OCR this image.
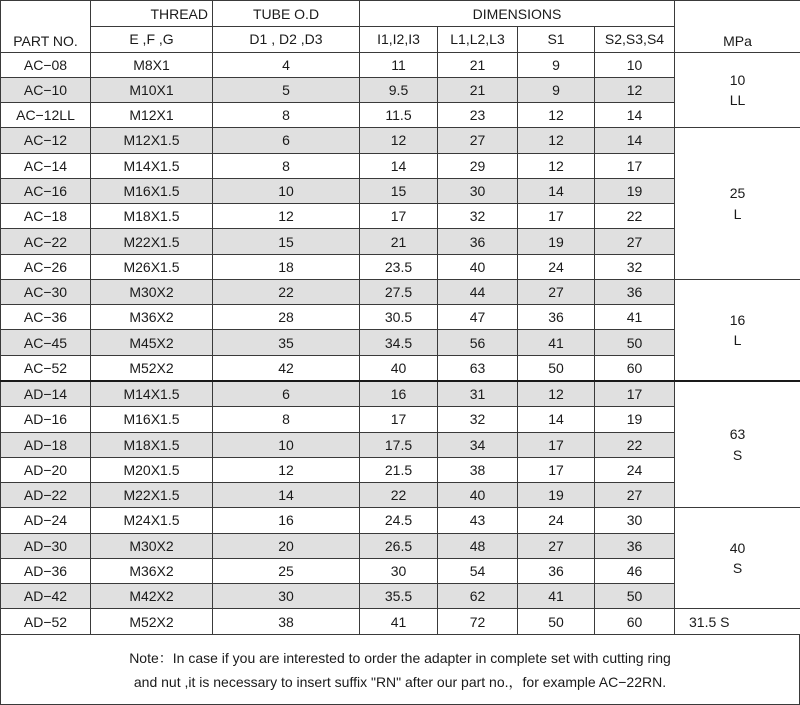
PART NO.	THREAD	TUBE O.D	DIMENSIONS				MPa
	E ,F ,G	D1 , D2 ,D3	I1,I2,I3	L1,L2,L3	S1	S2,S3,S4	
AC−08	M8X1	4	11	21	9	10	10
LL

AC−10	M10X1	5	9.5	21	9	12	
AC−12LL	M12X1	8	11.5	23	12	14	
AC−12	M12X1.5	6	12	27	12	14	25
L

AC−14	M14X1.5	8	14	29	12	17	
AC−16	M16X1.5	10	15	30	14	19	
AC−18	M18X1.5	12	17	32	17	22	
AC−22	M22X1.5	15	21	36	19	27	
AC−26	M26X1.5	18	23.5	40	24	32	
AC−30	M30X2	22	27.5	44	27	36	16
L

AC−36	M36X2	28	30.5	47	36	41	
AC−45	M45X2	35	34.5	56	41	50	
AC−52	M52X2	42	40	63	50	60	
AD−14	M14X1.5	6	16	31	12	17	63
S

AD−16	M16X1.5	8	17	32	14	19	
AD−18	M18X1.5	10	17.5	34	17	22	
AD−20	M20X1.5	12	21.5	38	17	24	
AD−22	M22X1.5	14	22	40	19	27	
AD−24	M24X1.5	16	24.5	43	24	30	40
S

AD−30	M30X2	20	26.5	48	27	36	
AD−36	M36X2	25	30	54	36	46	
AD−42	M42X2	30	35.5	62	41	50	
AD−52	M52X2	38	41	72	50	60	31.5 S
Note：In case if you are interested to order the adapter in complete set with cutting ring
and nut ,it is necessary to insert suffix "RN" after our part no.，for example AC−22RN.
